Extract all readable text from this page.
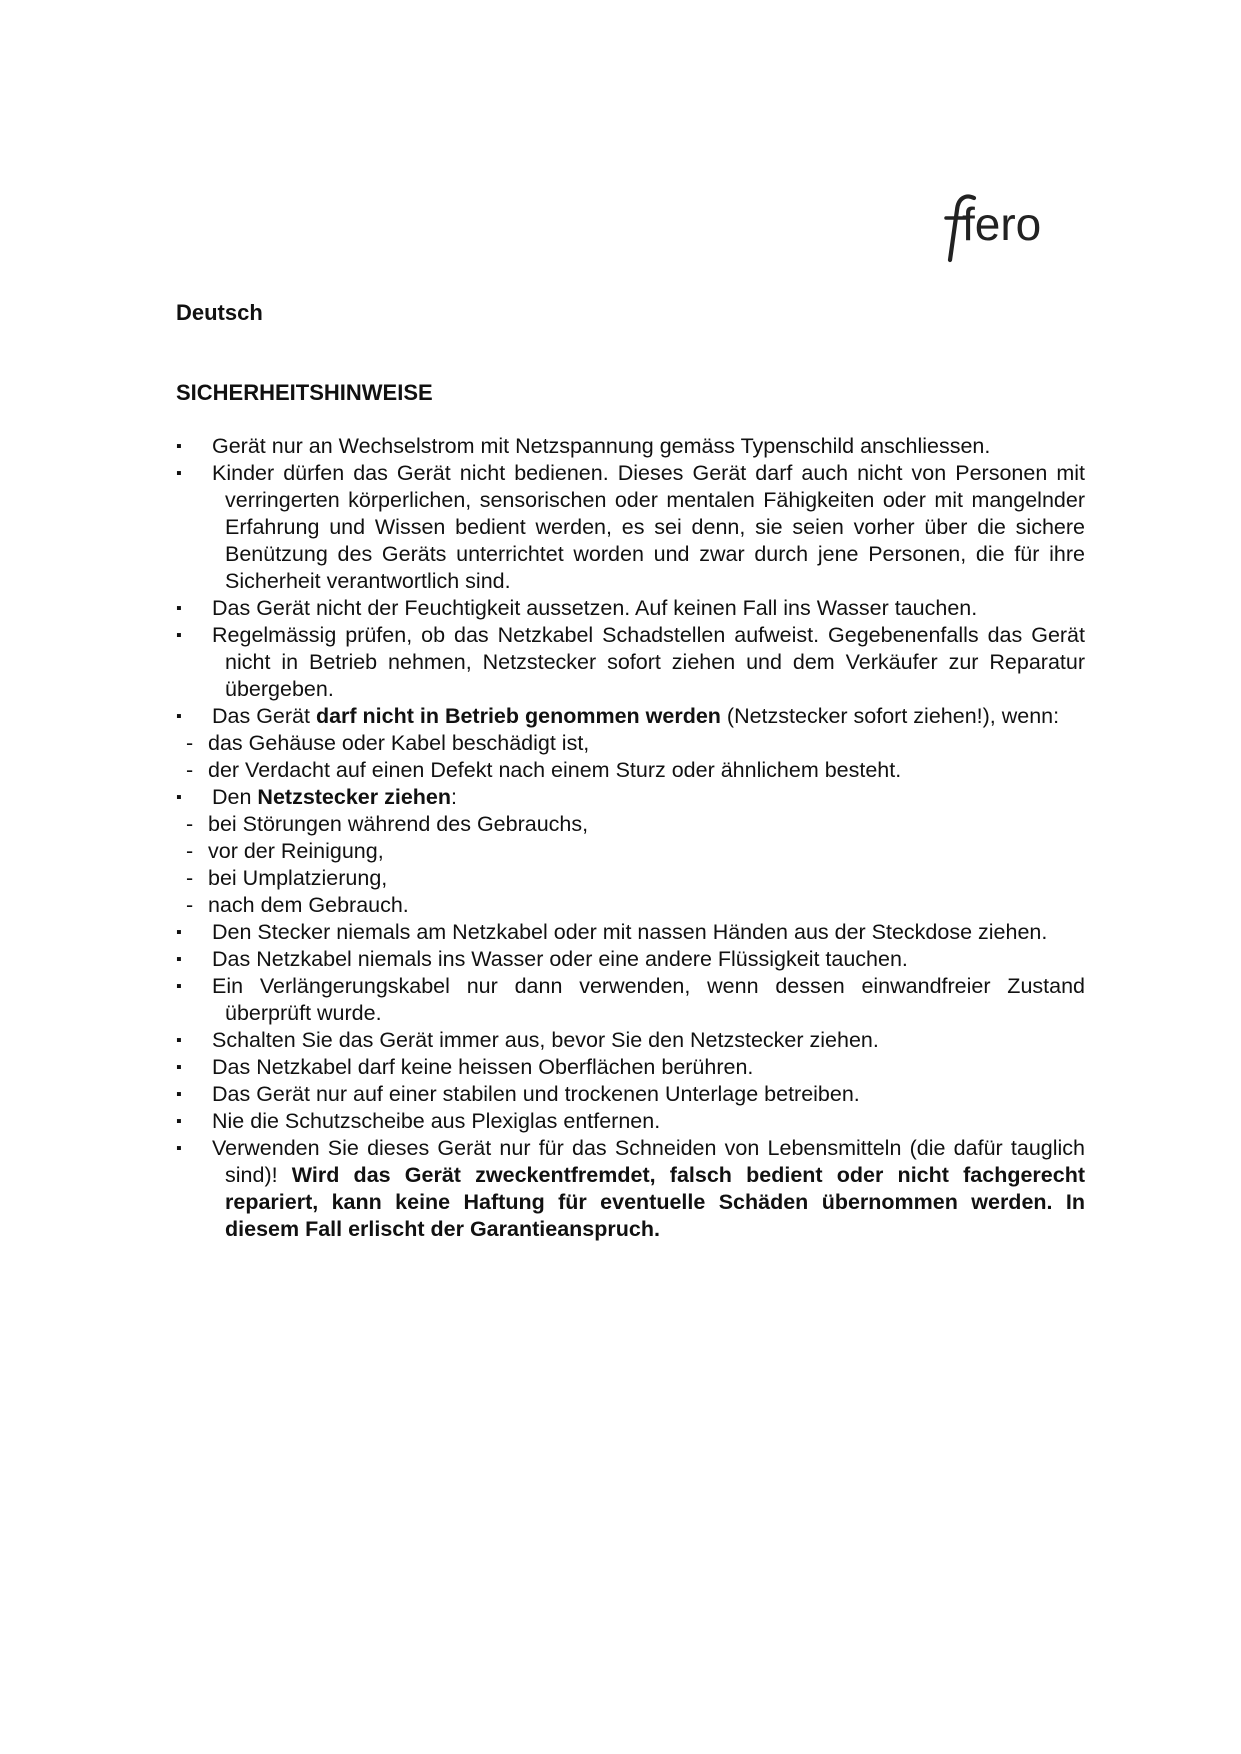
fero
Deutsch
SICHERHEITSHINWEISE
▪	Gerät nur an Wechselstrom mit Netzspannung gemäss Typenschild anschliessen.
▪	Kinder dürfen das Gerät nicht bedienen. Dieses Gerät darf auch nicht von Personen mit verringerten körperlichen, sensorischen oder mentalen Fähigkeiten oder mit mangelnder Erfahrung und Wissen bedient werden, es sei denn, sie seien vorher über die sichere Benützung des Geräts unterrichtet worden und zwar durch jene Personen, die für ihre Sicherheit verantwortlich sind.
▪	Das Gerät nicht der Feuchtigkeit aussetzen. Auf keinen Fall ins Wasser tauchen.
▪	Regelmässig prüfen, ob das Netzkabel Schadstellen aufweist. Gegebenenfalls das Gerät nicht in Betrieb nehmen, Netzstecker sofort ziehen und dem Verkäufer zur Reparatur übergeben.
▪	Das Gerät darf nicht in Betrieb genommen werden (Netzstecker sofort ziehen!), wenn:
- das Gehäuse oder Kabel beschädigt ist,
- der Verdacht auf einen Defekt nach einem Sturz oder ähnlichem besteht.
▪	Den Netzstecker ziehen:
- bei Störungen während des Gebrauchs,
- vor der Reinigung,
- bei Umplatzierung,
- nach dem Gebrauch.
▪	Den Stecker niemals am Netzkabel oder mit nassen Händen aus der Steckdose ziehen.
▪	Das Netzkabel niemals ins Wasser oder eine andere Flüssigkeit tauchen.
▪	Ein Verlängerungskabel nur dann verwenden, wenn dessen einwandfreier Zustand überprüft wurde.
▪	Schalten Sie das Gerät immer aus, bevor Sie den Netzstecker ziehen.
▪	Das Netzkabel darf keine heissen Oberflächen berühren.
▪	Das Gerät nur auf einer stabilen und trockenen Unterlage betreiben.
▪	Nie die Schutzscheibe aus Plexiglas entfernen.
▪	Verwenden Sie dieses Gerät nur für das Schneiden von Lebensmitteln (die dafür tauglich sind)! Wird das Gerät zweckentfremdet, falsch bedient oder nicht fachgerecht repariert, kann keine Haftung für eventuelle Schäden übernommen werden. In diesem Fall erlischt der Garantieanspruch.
